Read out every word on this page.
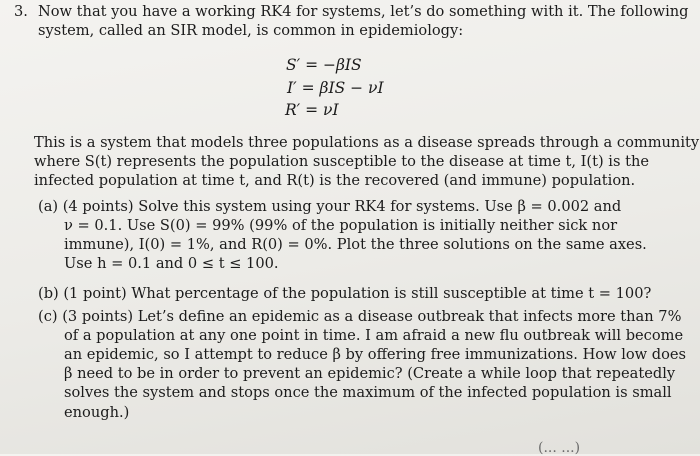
3. Now that you have a working RK4 for systems, let’s do something with it. The following
system, called an SIR model, is common in epidemiology:
S′ = −βIS
I′ = βIS − νI
R′ = νI
This is a system that models three populations as a disease spreads through a community
where S(t) represents the population susceptible to the disease at time t, I(t) is the
infected population at time t, and R(t) is the recovered (and immune) population.
(a) (4 points) Solve this system using your RK4 for systems. Use β = 0.002 and
ν = 0.1. Use S(0) = 99% (99% of the population is initially neither sick nor
immune), I(0) = 1%, and R(0) = 0%. Plot the three solutions on the same axes.
Use h = 0.1 and 0 ≤ t ≤ 100.
(b) (1 point) What percentage of the population is still susceptible at time t = 100?
(c) (3 points) Let’s define an epidemic as a disease outbreak that infects more than 7%
of a population at any one point in time. I am afraid a new flu outbreak will become
an epidemic, so I attempt to reduce β by offering free immunizations. How low does
β need to be in order to prevent an epidemic? (Create a while loop that repeatedly
solves the system and stops once the maximum of the infected population is small
enough.)
(... ...)
